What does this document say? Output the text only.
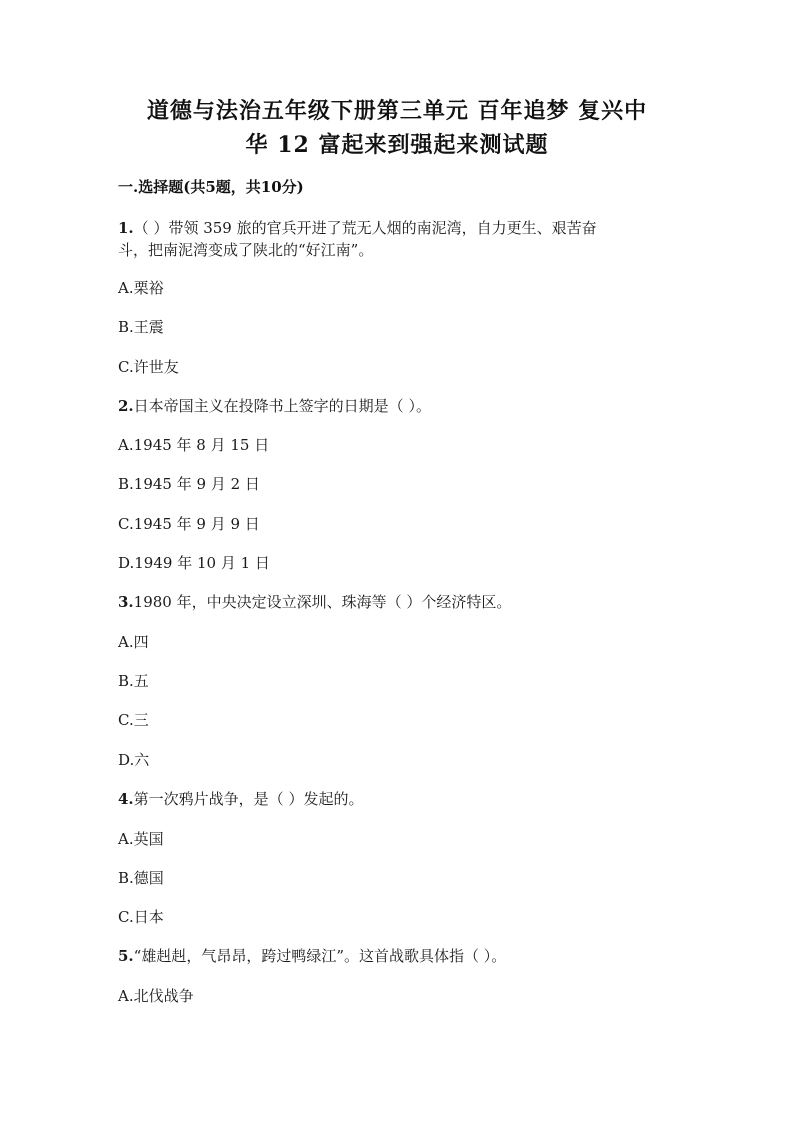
道德与法治五年级下册第三单元 百年追梦 复兴中
华 12 富起来到强起来测试题
一.选择题(共5题，共10分)
1.（ ）带领 359 旅的官兵开进了荒无人烟的南泥湾，自力更生、艰苦奋
斗，把南泥湾变成了陕北的“好江南”。
A.栗裕
B.王震
C.许世友
2.日本帝国主义在投降书上签字的日期是（ ）。
A.1945 年 8 月 15 日
B.1945 年 9 月 2 日
C.1945 年 9 月 9 日
D.1949 年 10 月 1 日
3.1980 年，中央决定设立深圳、珠海等（ ）个经济特区。
A.四
B.五
C.三
D.六
4.第一次鸦片战争，是（ ）发起的。
A.英国
B.德国
C.日本
5.“雄赳赳，气昂昂，跨过鸭绿江”。这首战歌具体指（ ）。
A.北伐战争
